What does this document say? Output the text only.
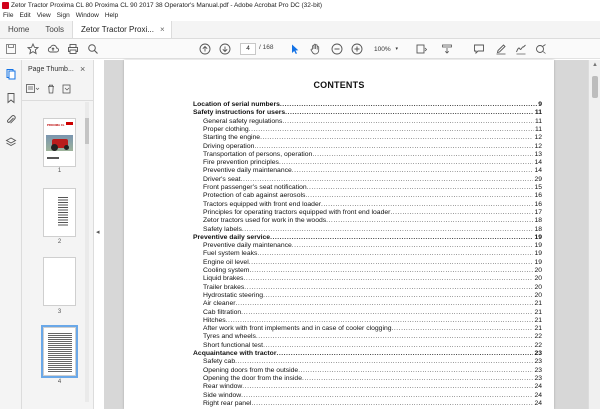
Zetor Tractor Proxima CL 80 Proxima CL 90 2017 38 Operator's Manual.pdf - Adobe Acrobat Pro DC (32-bit)
File Edit View Sign Window Help
Home	Tools	Zetor Tractor Proxi... ×
4	/ 168	100% ▾
Page Thumb... ×
PROXIMA CL
1
2
3
4
◂
CONTENTS
Location of serial numbers .....	9
Safety instructions for users .....	11
General safety regulations .....	11
Proper clothing .....	11
Starting the engine .....	12
Driving operation .....	12
Transportation of persons, operation .....	13
Fire prevention principles .....	14
Preventive daily maintenance .....	14
Driver's seat .....	29
Front passenger’s seat notification .....	15
Protection of cab against aerosols .....	16
Tractors equipped with front end loader .....	16
Principles for operating tractors equipped with front end loader .....	17
Zetor tractors used for work in the woods .....	18
Safety labels .....	18
Preventive daily service .....	19
Preventive daily maintenance .....	19
Fuel system leaks .....	19
Engine oil level .....	19
Cooling system .....	20
Liquid brakes .....	20
Trailer brakes .....	20
Hydrostatic steering .....	20
Air cleaner .....	21
Cab filtration .....	21
Hitches .....	21
After work with front implements and in case of cooler clogging .....	21
Tyres and wheels .....	22
Short functional test .....	22
Acquaintance with tractor .....	23
Safety cab .....	23
Opening doors from the outside .....	23
Opening the door from the inside .....	23
Rear window .....	24
Side window .....	24
Right rear panel .....	24
▲
